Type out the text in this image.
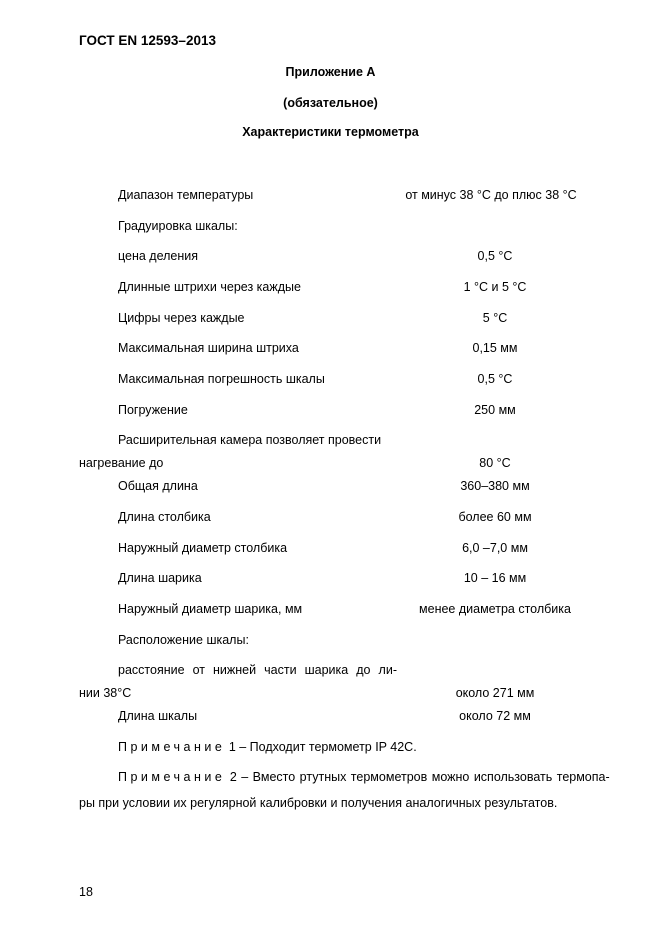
ГОСТ EN 12593–2013
Приложение А
(обязательное)
Характеристики термометра
Диапазон температуры	от минус 38 °С до плюс 38 °С
Градуировка шкалы:
цена деления	0,5 °С
Длинные штрихи через каждые	1 °С и 5 °С
Цифры через каждые	5 °С
Максимальная ширина штриха	0,15 мм
Максимальная погрешность шкалы	0,5 °С
Погружение	250 мм
Расширительная камера позволяет провести
нагревание до	80 °С
Общая длина	360–380 мм
Длина столбика	более 60 мм
Наружный диаметр столбика	6,0 –7,0 мм
Длина шарика	10 – 16 мм
Наружный диаметр шарика, мм	менее диаметра столбика
Расположение шкалы:
расстояние от нижней части шарика до ли-
нии 38°С	около 271 мм
Длина шкалы	около 72 мм
Примечание 1 – Подходит термометр IP 42C.
Примечание 2 – Вместо ртутных термометров можно использовать термопа-
ры при условии их регулярной калибровки и получения аналогичных результатов.
18
